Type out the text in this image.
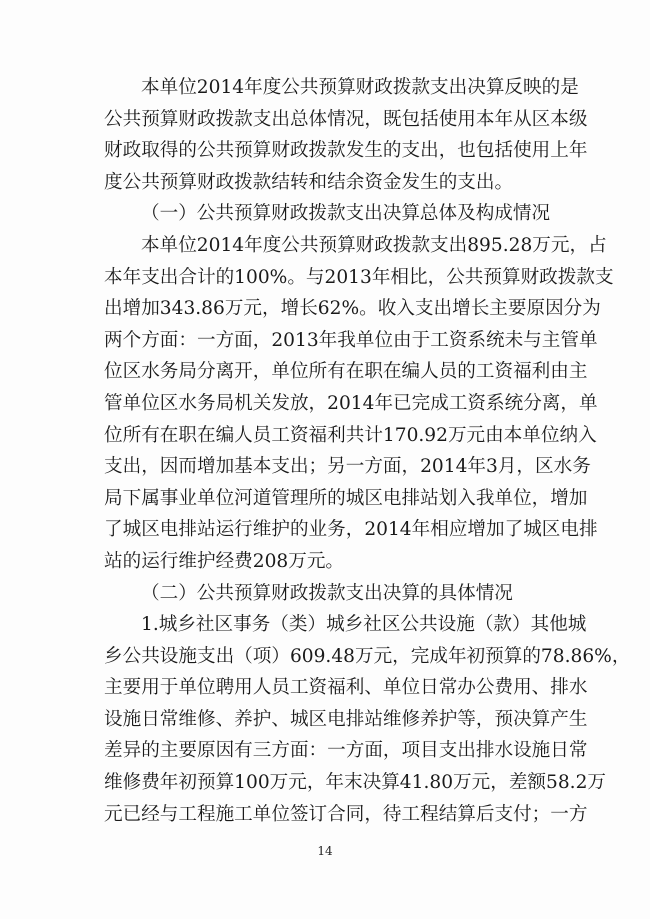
本单位2014年度公共预算财政拨款支出决算反映的是
公共预算财政拨款支出总体情况，既包括使用本年从区本级
财政取得的公共预算财政拨款发生的支出，也包括使用上年
度公共预算财政拨款结转和结余资金发生的支出。
（一）公共预算财政拨款支出决算总体及构成情况
本单位2014年度公共预算财政拨款支出895.28万元，占
本年支出合计的100%。与2013年相比，公共预算财政拨款支
出增加343.86万元，增长62%。收入支出增长主要原因分为
两个方面：一方面，2013年我单位由于工资系统未与主管单
位区水务局分离开，单位所有在职在编人员的工资福利由主
管单位区水务局机关发放，2014年已完成工资系统分离，单
位所有在职在编人员工资福利共计170.92万元由本单位纳入
支出，因而增加基本支出；另一方面，2014年3月，区水务
局下属事业单位河道管理所的城区电排站划入我单位，增加
了城区电排站运行维护的业务，2014年相应增加了城区电排
站的运行维护经费208万元。
（二）公共预算财政拨款支出决算的具体情况
1.城乡社区事务（类）城乡社区公共设施（款）其他城
乡公共设施支出（项）609.48万元，完成年初预算的78.86%，
主要用于单位聘用人员工资福利、单位日常办公费用、排水
设施日常维修、养护、城区电排站维修养护等，预决算产生
差异的主要原因有三方面：一方面，项目支出排水设施日常
维修费年初预算100万元，年末决算41.80万元，差额58.2万
元已经与工程施工单位签订合同，待工程结算后支付；一方
14
